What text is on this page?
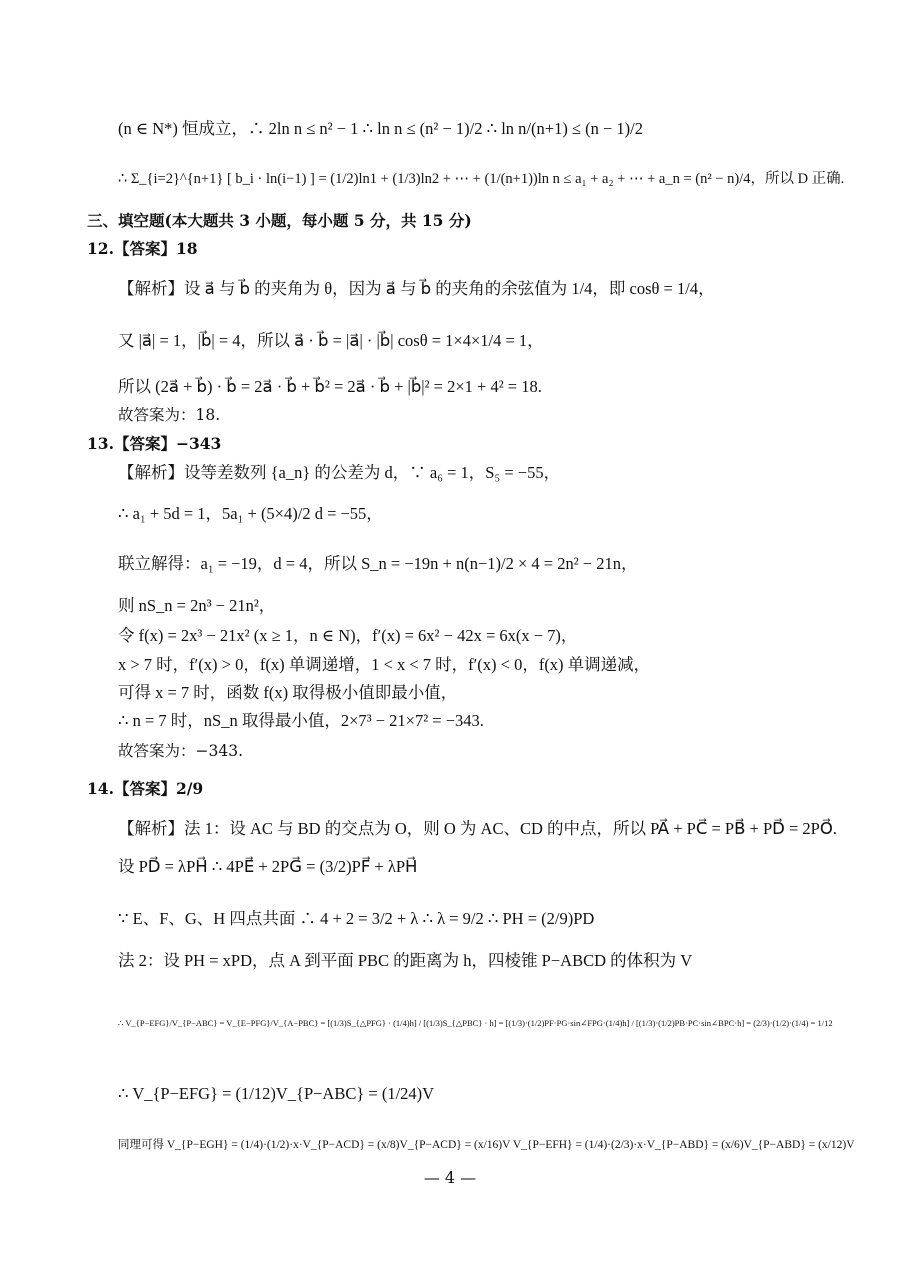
(n ∈ N*) 恒成立，∴ 2ln n ≤ n² − 1 ∴ ln n ≤ (n² − 1)/2 ∴ ln n/(n+1) ≤ (n − 1)/2
∴ Σ_{i=2}^{n+1} [ b_i · ln(i−1) ] = (1/2)ln1 + (1/3)ln2 + ⋯ + (1/(n+1))ln n ≤ a₁ + a₂ + ⋯ + a_n = (n² − n)/4，所以 D 正确.
三、填空题(本大题共 3 小题，每小题 5 分，共 15 分)
12.【答案】18
【解析】设 a⃗ 与 b⃗ 的夹角为 θ，因为 a⃗ 与 b⃗ 的夹角的余弦值为 1/4，即 cosθ = 1/4，
又 |a⃗| = 1，|b⃗| = 4，所以 a⃗ · b⃗ = |a⃗| · |b⃗| cosθ = 1×4×1/4 = 1，
所以 (2a⃗ + b⃗) · b⃗ = 2a⃗ · b⃗ + b⃗² = 2a⃗ · b⃗ + |b⃗|² = 2×1 + 4² = 18.
故答案为：18.
13.【答案】−343
【解析】设等差数列 {a_n} 的公差为 d，∵ a₆ = 1，S₅ = −55，
∴ a₁ + 5d = 1，5a₁ + (5×4)/2 d = −55，
联立解得：a₁ = −19，d = 4，所以 S_n = −19n + n(n−1)/2 × 4 = 2n² − 21n，
则 nS_n = 2n³ − 21n²，
令 f(x) = 2x³ − 21x² (x ≥ 1，n ∈ N)，f′(x) = 6x² − 42x = 6x(x − 7)，
x > 7 时，f′(x) > 0，f(x) 单调递增，1 < x < 7 时，f′(x) < 0，f(x) 单调递减，
可得 x = 7 时，函数 f(x) 取得极小值即最小值，
∴ n = 7 时，nS_n 取得最小值，2×7³ − 21×7² = −343.
故答案为：−343.
14.【答案】2/9
【解析】法 1：设 AC 与 BD 的交点为 O，则 O 为 AC、CD 的中点，所以 PA⃗ + PC⃗ = PB⃗ + PD⃗ = 2PO⃗.
设 PD⃗ = λPH⃗ ∴ 4PE⃗ + 2PG⃗ = (3/2)PF⃗ + λPH⃗
∵ E、F、G、H 四点共面 ∴ 4 + 2 = 3/2 + λ ∴ λ = 9/2 ∴ PH = (2/9)PD
法 2：设 PH = xPD，点 A 到平面 PBC 的距离为 h，四棱锥 P−ABCD 的体积为 V
∴ V_{P−EFG}/V_{P−ABC} = V_{E−PFG}/V_{A−PBC} = [(1/3)S_{△PFG} · (1/4)h] / [(1/3)S_{△PBC} · h] = [(1/3)·(1/2)PF·PG·sin∠FPG·(1/4)h] / [(1/3)·(1/2)PB·PC·sin∠BPC·h] = (2/3)·(1/2)·(1/4) = 1/12
∴ V_{P−EFG} = (1/12)V_{P−ABC} = (1/24)V
同理可得 V_{P−EGH} = (1/4)·(1/2)·x·V_{P−ACD} = (x/8)V_{P−ACD} = (x/16)V V_{P−EFH} = (1/4)·(2/3)·x·V_{P−ABD} = (x/6)V_{P−ABD} = (x/12)V
— 4 —
